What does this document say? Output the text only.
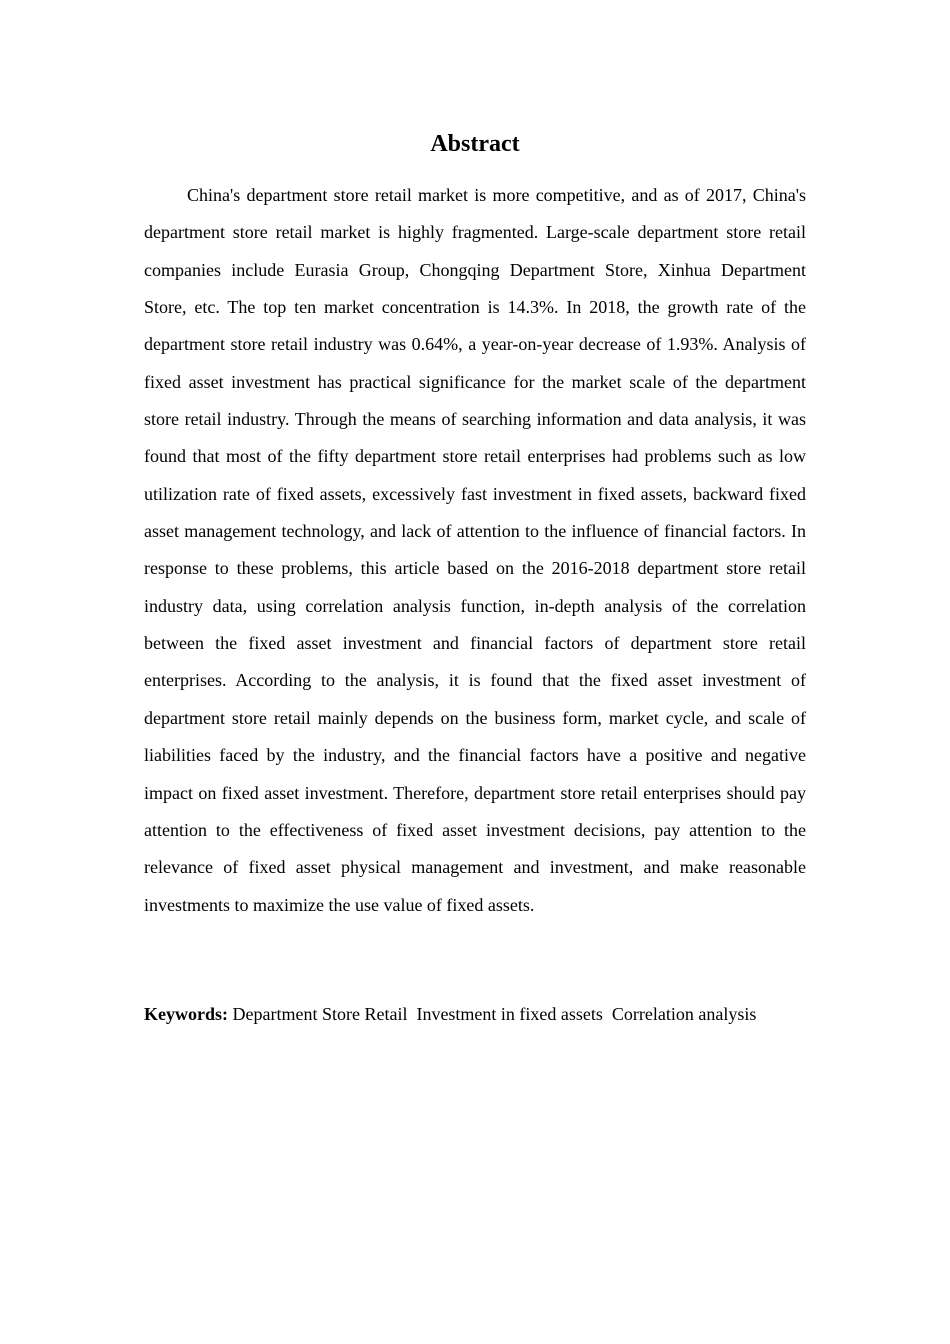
Abstract

China's department store retail market is more competitive, and as of 2017, China's department store retail market is highly fragmented. Large-scale department store retail companies include Eurasia Group, Chongqing Department Store, Xinhua Department Store, etc. The top ten market concentration is 14.3%. In 2018, the growth rate of the department store retail industry was 0.64%, a year-on-year decrease of 1.93%. Analysis of fixed asset investment has practical significance for the market scale of the department store retail industry. Through the means of searching information and data analysis, it was found that most of the fifty department store retail enterprises had problems such as low utilization rate of fixed assets, excessively fast investment in fixed assets, backward fixed asset management technology, and lack of attention to the influence of financial factors. In response to these problems, this article based on the 2016-2018 department store retail industry data, using correlation analysis function, in-depth analysis of the correlation between the fixed asset investment and financial factors of department store retail enterprises. According to the analysis, it is found that the fixed asset investment of department store retail mainly depends on the business form, market cycle, and scale of liabilities faced by the industry, and the financial factors have a positive and negative impact on fixed asset investment. Therefore, department store retail enterprises should pay attention to the effectiveness of fixed asset investment decisions, pay attention to the relevance of fixed asset physical management and investment, and make reasonable investments to maximize the use value of fixed assets.

Keywords: Department Store Retail  Investment in fixed assets  Correlation analysis
